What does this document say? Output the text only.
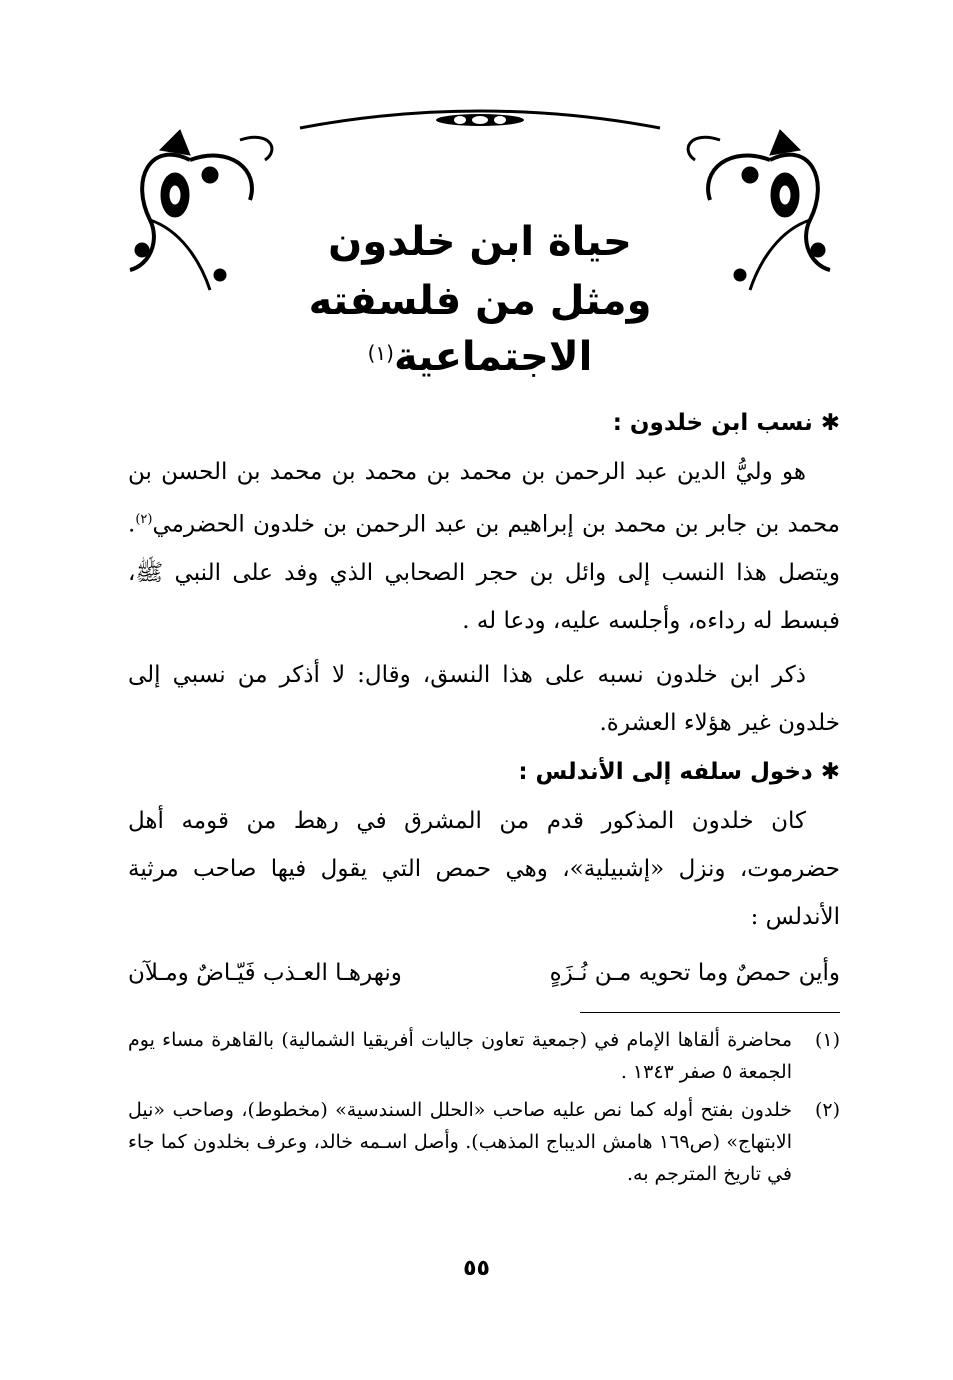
حياة ابن خلدون

ومثل من فلسفته الاجتماعية$^{(١)}$

✱نسب ابن خلدون :

هو وليُّ الدين عبد الرحمن بن محمد بن محمد بن محمد بن الحسن بن محمد بن جابر بن محمد بن إبراهيم بن عبد الرحمن بن خلدون الحضرمي$^{(٢)}$. ويتصل هذا النسب إلى وائل بن حجر الصحابي الذي وفد على النبي ﷺ، فبسط له رداءه، وأجلسه عليه، ودعا له .

ذكر ابن خلدون نسبه على هذا النسق، وقال: لا أذكر من نسبي إلى خلدون غير هؤلاء العشرة.

✱دخول سلفه إلى الأندلس :

كان خلدون المذكور قدم من المشرق في رهط من قومه أهل حضرموت، ونزل «إشبيلية»، وهي حمص التي يقول فيها صاحب مرثية الأندلس :

وأين حمصٌ وما تحويه مـن نُـزَهٍ
ونهرهـا العـذب فَيّـاضٌ ومـلآن
(١)
محاضرة ألقاها الإمام في (جمعية تعاون جاليات أفريقيا الشمالية) بالقاهرة مساء يوم الجمعة ٥ صفر ١٣٤٣ .
(٢)
خلدون بفتح أوله كما نص عليه صاحب «الحلل السندسية» (مخطوط)، وصاحب «نيل الابتهاج» (ص١٦٩ هامش الديباج المذهب). وأصل اسـمه خالد، وعرف بخلدون كما جاء في تاريخ المترجم به.
٥٥
